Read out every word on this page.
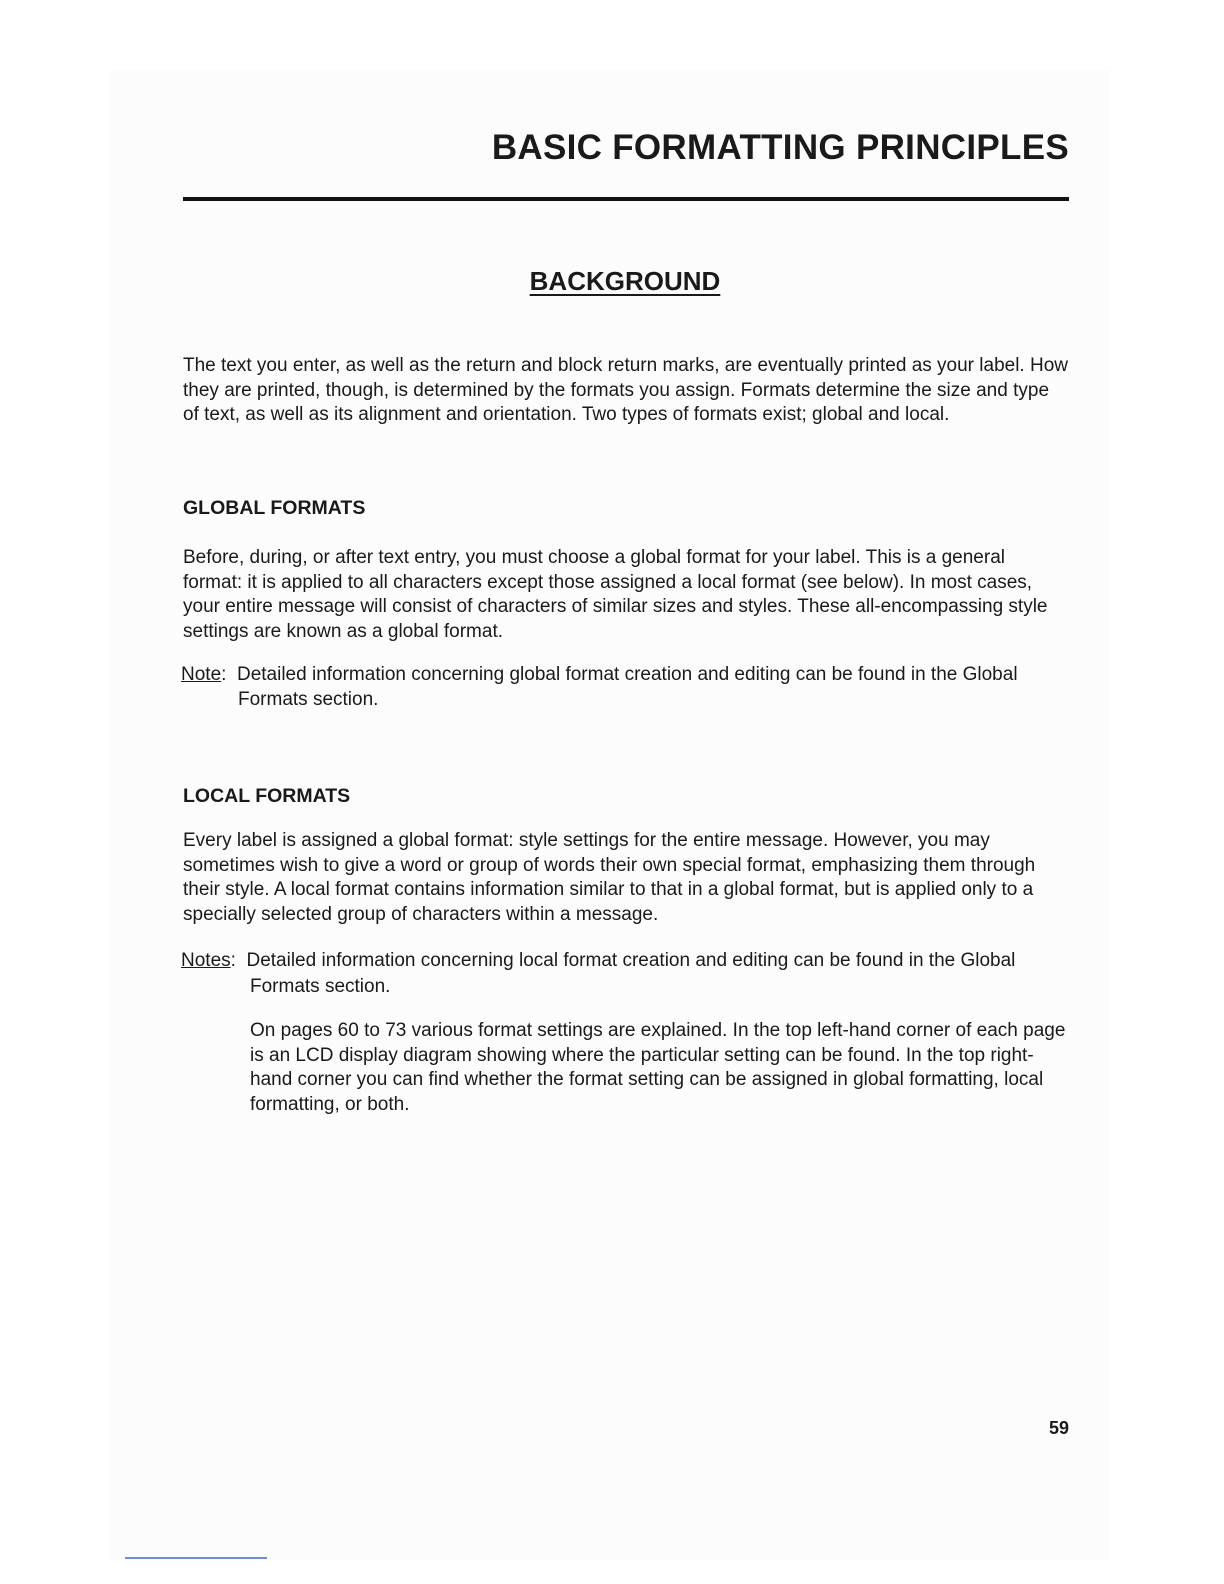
BASIC FORMATTING PRINCIPLES
BACKGROUND

The text you enter, as well as the return and block return marks, are eventually printed as your label. How they are printed, though, is determined by the formats you assign. Formats determine the size and type of text, as well as its alignment and orientation. Two types of formats exist; global and local.

GLOBAL FORMATS

Before, during, or after text entry, you must choose a global format for your label. This is a general format: it is applied to all characters except those assigned a local format (see below). In most cases, your entire message will consist of characters of similar sizes and styles. These all-encompassing style settings are known as a global format.

Note:  Detailed information concerning global format creation and editing can be found in the Global

Formats section.

LOCAL FORMATS

Every label is assigned a global format: style settings for the entire message. However, you may sometimes wish to give a word or group of words their own special format, emphasizing them through their style. A local format contains information similar to that in a global format, but is applied only to a specially selected group of characters within a message.

Notes:  Detailed information concerning local format creation and editing can be found in the Global

Formats section.

On pages 60 to 73 various format settings are explained. In the top left-hand corner of each page is an LCD display diagram showing where the particular setting can be found. In the top right-hand corner you can find whether the format setting can be assigned in global formatting, local formatting, or both.

59
